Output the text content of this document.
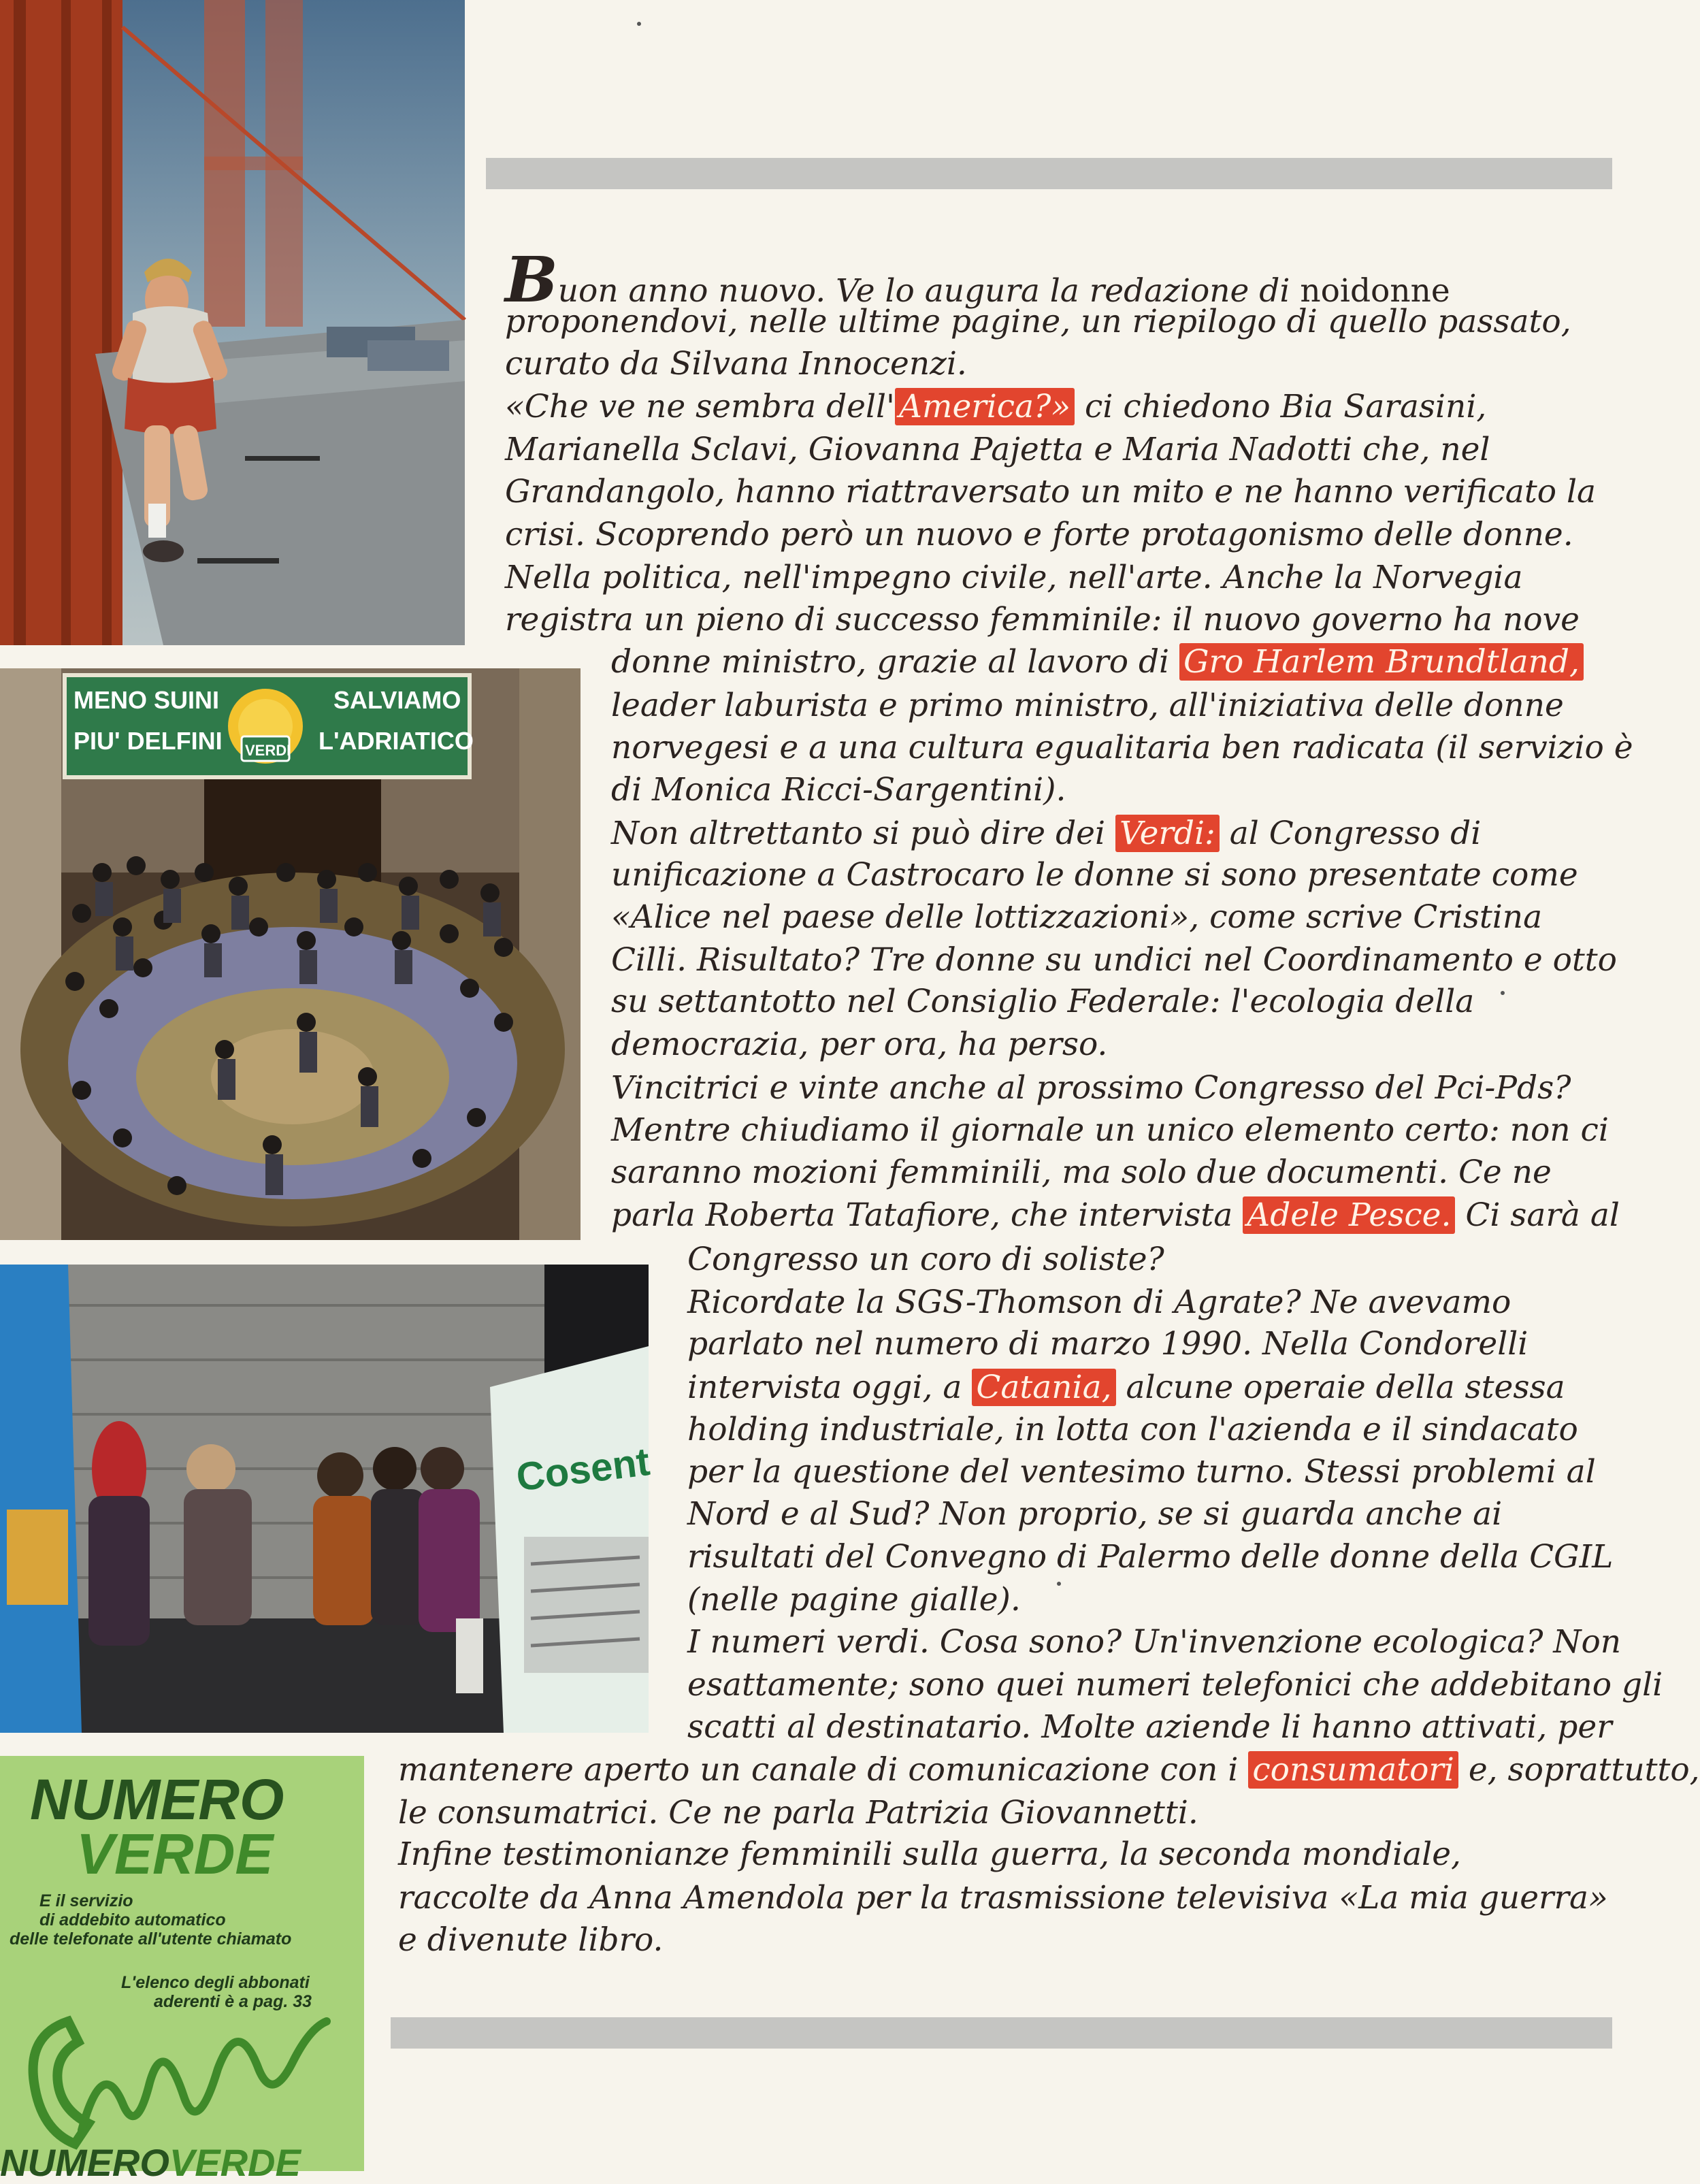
MENO SUINI
PIU' DELFINI VERDI
SALVIAMO
L'ADRIATICO
Cosent
Buon anno nuovo. Ve lo augura la redazione di noidonne
proponendovi, nelle ultime pagine, un riepilogo di quello passato,
curato da Silvana Innocenzi.
«Che ve ne sembra dell' America?» ci chiedono Bia Sarasini,
Marianella Sclavi, Giovanna Pajetta e Maria Nadotti che, nel
Grandangolo, hanno riattraversato un mito e ne hanno verificato la
crisi. Scoprendo però un nuovo e forte protagonismo delle donne.
Nella politica, nell'impegno civile, nell'arte. Anche la Norvegia
registra un pieno di successo femminile: il nuovo governo ha nove
donne ministro, grazie al lavoro di Gro Harlem Brundtland,
leader laburista e primo ministro, all'iniziativa delle donne
norvegesi e a una cultura egualitaria ben radicata (il servizio è
di Monica Ricci-Sargentini).
Non altrettanto si può dire dei Verdi: al Congresso di
unificazione a Castrocaro le donne si sono presentate come
«Alice nel paese delle lottizzazioni», come scrive Cristina
Cilli. Risultato? Tre donne su undici nel Coordinamento e otto
su settantotto nel Consiglio Federale: l'ecologia della
democrazia, per ora, ha perso.
Vincitrici e vinte anche al prossimo Congresso del Pci-Pds?
Mentre chiudiamo il giornale un unico elemento certo: non ci
saranno mozioni femminili, ma solo due documenti. Ce ne
parla Roberta Tatafiore, che intervista Adele Pesce. Ci sarà al
Congresso un coro di soliste?
Ricordate la SGS-Thomson di Agrate? Ne avevamo
parlato nel numero di marzo 1990. Nella Condorelli
intervista oggi, a Catania, alcune operaie della stessa
holding industriale, in lotta con l'azienda e il sindacato
per la questione del ventesimo turno. Stessi problemi al
Nord e al Sud? Non proprio, se si guarda anche ai
risultati del Convegno di Palermo delle donne della CGIL
(nelle pagine gialle).
I numeri verdi. Cosa sono? Un'invenzione ecologica? Non
esattamente; sono quei numeri telefonici che addebitano gli
scatti al destinatario. Molte aziende li hanno attivati, per
mantenere aperto un canale di comunicazione con i consumatori e, soprattutto,
le consumatrici. Ce ne parla Patrizia Giovannetti.
Infine testimonianze femminili sulla guerra, la seconda mondiale,
raccolte da Anna Amendola per la trasmissione televisiva «La mia guerra»
e divenute libro.
NUMERO
VERDE
E il servizio
di addebito automatico
delle telefonate all'utente chiamato
L'elenco degli abbonati
aderenti è a pag. 33
NUMEROVERDE
